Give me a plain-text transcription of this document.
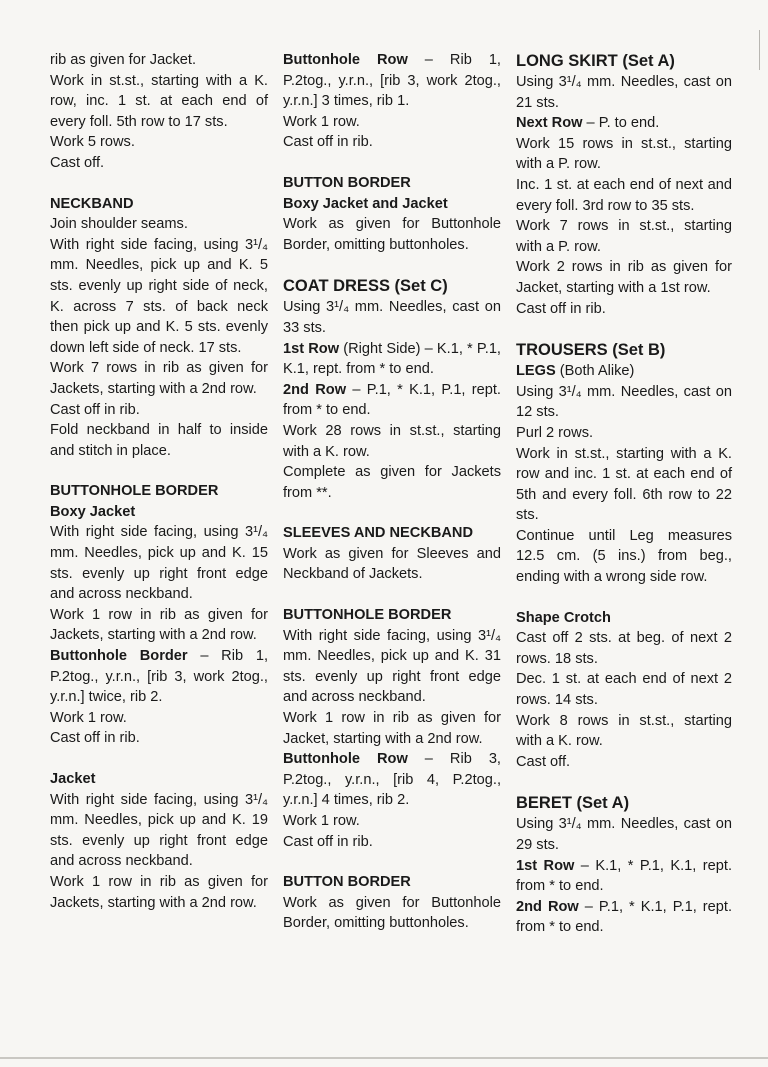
rib as given for Jacket.

Work in st.st., starting with a K. row, inc. 1 st. at each end of every foll. 5th row to 17 sts.

Work 5 rows.

Cast off.

NECKBAND

Join shoulder seams.

With right side facing, using 3¹/₄ mm. Needles, pick up and K. 5 sts. evenly up right side of neck, K. across 7 sts. of back neck then pick up and K. 5 sts. evenly down left side of neck. 17 sts.

Work 7 rows in rib as given for Jackets, starting with a 2nd row.

Cast off in rib.

Fold neckband in half to inside and stitch in place.

BUTTONHOLE BORDER

Boxy Jacket

With right side facing, using 3¹/₄ mm. Needles, pick up and K. 15 sts. evenly up right front edge and across neckband.

Work 1 row in rib as given for Jackets, starting with a 2nd row.

Buttonhole Border – Rib 1, P.2tog., y.r.n., [rib 3, work 2tog., y.r.n.] twice, rib 2.

Work 1 row.

Cast off in rib.

Jacket

With right side facing, using 3¹/₄ mm. Needles, pick up and K. 19 sts. evenly up right front edge and across neckband.

Work 1 row in rib as given for Jackets, starting with a 2nd row.

Buttonhole Row – Rib 1, P.2tog., y.r.n., [rib 3, work 2tog., y.r.n.] 3 times, rib 1.

Work 1 row.

Cast off in rib.

BUTTON BORDER

Boxy Jacket and Jacket

Work as given for Buttonhole Border, omitting buttonholes.

COAT DRESS (Set C)

Using 3¹/₄ mm. Needles, cast on 33 sts.

1st Row (Right Side) – K.1, * P.1, K.1, rept. from * to end.

2nd Row – P.1, * K.1, P.1, rept. from * to end.

Work 28 rows in st.st., starting with a K. row.

Complete as given for Jackets from **.

SLEEVES AND NECKBAND

Work as given for Sleeves and Neckband of Jackets.

BUTTONHOLE BORDER

With right side facing, using 3¹/₄ mm. Needles, pick up and K. 31 sts. evenly up right front edge and across neckband.

Work 1 row in rib as given for Jacket, starting with a 2nd row.

Buttonhole Row – Rib 3, P.2tog., y.r.n., [rib 4, P.2tog., y.r.n.] 4 times, rib 2.

Work 1 row.

Cast off in rib.

BUTTON BORDER

Work as given for Buttonhole Border, omitting buttonholes.

LONG SKIRT (Set A)

Using 3¹/₄ mm. Needles, cast on 21 sts.

Next Row – P. to end.

Work 15 rows in st.st., starting with a P. row.

Inc. 1 st. at each end of next and every foll. 3rd row to 35 sts.

Work 7 rows in st.st., starting with a P. row.

Work 2 rows in rib as given for Jacket, starting with a 1st row.

Cast off in rib.

TROUSERS (Set B)

LEGS (Both Alike)

Using 3¹/₄ mm. Needles, cast on 12 sts.

Purl 2 rows.

Work in st.st., starting with a K. row and inc. 1 st. at each end of 5th and every foll. 6th row to 22 sts.

Continue until Leg measures 12.5 cm. (5 ins.) from beg., ending with a wrong side row.

Shape Crotch

Cast off 2 sts. at beg. of next 2 rows. 18 sts.

Dec. 1 st. at each end of next 2 rows. 14 sts.

Work 8 rows in st.st., starting with a K. row.

Cast off.

BERET (Set A)

Using 3¹/₄ mm. Needles, cast on 29 sts.

1st Row – K.1, * P.1, K.1, rept. from * to end.

2nd Row – P.1, * K.1, P.1, rept. from * to end.
